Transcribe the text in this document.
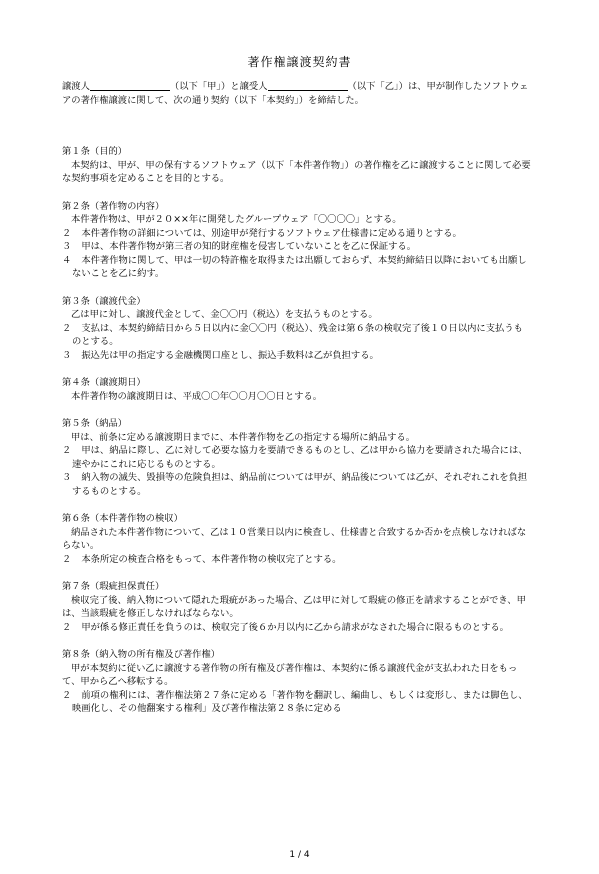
著作権譲渡契約書
譲渡人	（以下「甲」）と譲受人	（以下「乙」）は、甲が制作したソフトウェアの著作権譲渡に関して、次の通り契約（以下「本契約」）を締結した。
第１条（目的）
本契約は、甲が、甲の保有するソフトウェア（以下「本件著作物」）の著作権を乙に譲渡することに関して必要な契約事項を定めることを目的とする。
第２条（著作物の内容）
本件著作物は、甲が２０××年に開発したグループウェア「〇〇〇〇」とする。
２　 本件著作物の詳細については、別途甲が発行するソフトウェア仕様書に定める通りとする。
３　 甲は、本件著作物が第三者の知的財産権を侵害していないことを乙に保証する。
４　 本件著作物に関して、甲は一切の特許権を取得または出願しておらず、本契約締結日以降においても出願しないことを乙に約す。
第３条（譲渡代金）
乙は甲に対し、譲渡代金として、金〇〇円（税込）を支払うものとする。
２　 支払は、本契約締結日から５日以内に金〇〇円（税込）、残金は第６条の検収完了後１０日以内に支払うものとする。
３　 振込先は甲の指定する金融機関口座とし、振込手数料は乙が負担する。
第４条（譲渡期日）
本件著作物の譲渡期日は、平成〇〇年〇〇月〇〇日とする。
第５条（納品）
甲は、前条に定める譲渡期日までに、本件著作物を乙の指定する場所に納品する。
２　 甲は、納品に際し、乙に対して必要な協力を要請できるものとし、乙は甲から協力を要請された場合には、速やかにこれに応じるものとする。
３　 納入物の滅失、毀損等の危険負担は、納品前については甲が、納品後については乙が、それぞれこれを負担するものとする。
第６条（本件著作物の検収）
納品された本件著作物について、乙は１０営業日以内に検査し、仕様書と合致するか否かを点検しなければならない。
２　 本条所定の検査合格をもって、本件著作物の検収完了とする。
第７条（瑕疵担保責任）
検収完了後、納入物について隠れた瑕疵があった場合、乙は甲に対して瑕疵の修正を請求することができ、甲は、当該瑕疵を修正しなければならない。
２　 甲が係る修正責任を負うのは、検収完了後６か月以内に乙から請求がなされた場合に限るものとする。
第８条（納入物の所有権及び著作権）
甲が本契約に従い乙に譲渡する著作物の所有権及び著作権は、本契約に係る譲渡代金が支払われた日をもって、甲から乙へ移転する。
２　 前項の権利には、著作権法第２７条に定める「著作物を翻訳し、編曲し、もしくは変形し、または脚色し、映画化し、その他翻案する権利」及び著作権法第２８条に定める
1 / 4
